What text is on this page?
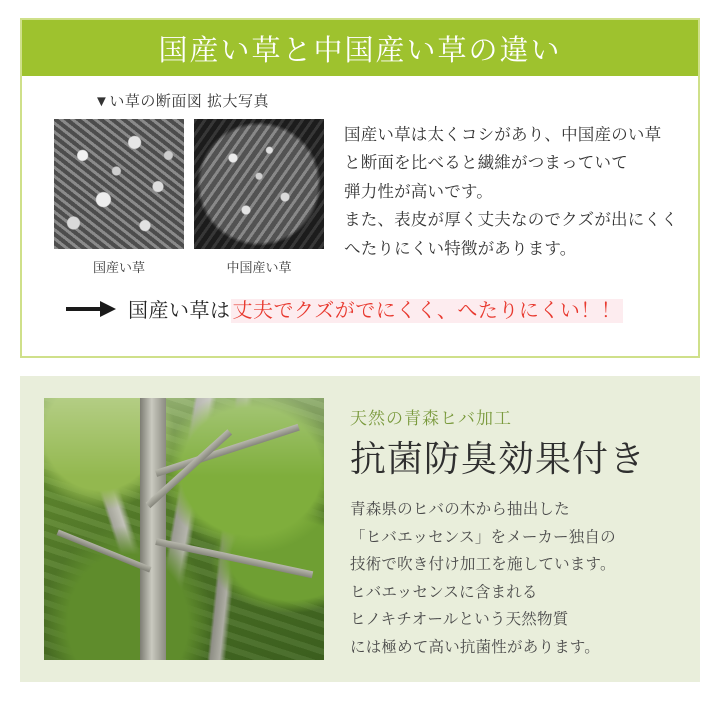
国産い草と中国産い草の違い
▼い草の断面図 拡大写真
国産い草	中国産い草

国産い草は太くコシがあり、中国産のい草

と断面を比べると繊維がつまっていて

弾力性が高いです。

また、表皮が厚く丈夫なのでクズが出にくく

へたりにくい特徴があります。

国産い草は 丈夫でクズがでにくく、へたりにくい！！

天然の青森ヒバ加工

抗菌防臭効果付き

青森県のヒバの木から抽出した

「ヒバエッセンス」をメーカー独自の

技術で吹き付け加工を施しています。

ヒバエッセンスに含まれる

ヒノキチオールという天然物質

には極めて高い抗菌性があります。
